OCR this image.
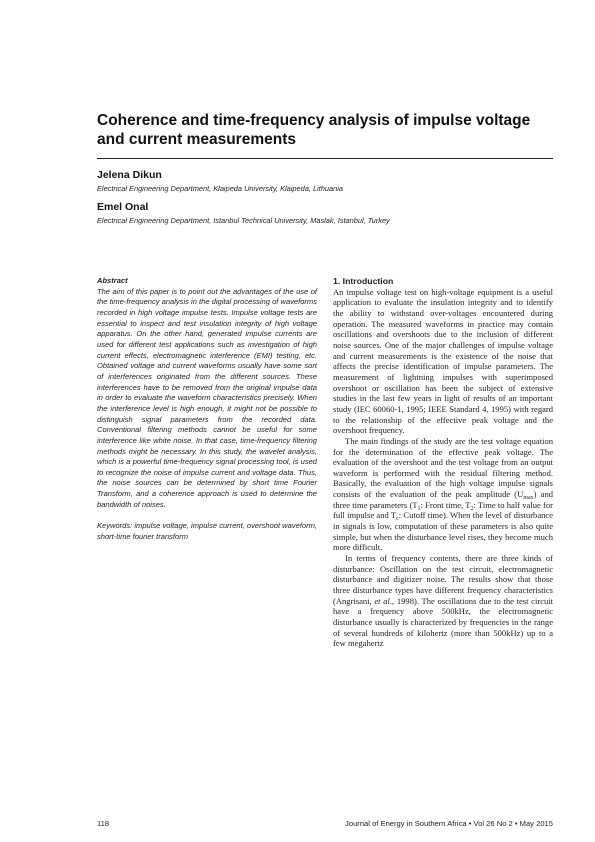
Coherence and time-frequency analysis of impulse voltage and current measurements

Jelena Dikun

Electrical Engineering Department, Klaipeda University, Klaipeda, Lithuania

Emel Onal

Electrical Engineering Department, Istanbul Technical University, Maslak, Istanbul, Turkey

Abstract

The aim of this paper is to point out the advantages of the use of the time-frequency analysis in the digital processing of waveforms recorded in high voltage impulse tests. Impulse voltage tests are essential to inspect and test insulation integrity of high voltage apparatus. On the other hand, generated impulse currents are used for different test applications such as investigation of high current effects, electromagnetic interference (EMI) testing, etc. Obtained voltage and current waveforms usually have some sort of interferences originated from the different sources. These interferences have to be removed from the original impulse data in order to evaluate the waveform characteristics precisely. When the interference level is high enough, it might not be possible to distinguish signal parameters from the recorded data. Conventional filtering methods cannot be useful for some interference like white noise. In that case, time-frequency filtering methods might be necessary. In this study, the wavelet analysis, which is a powerful time-frequency signal processing tool, is used to recognize the noise of impulse current and voltage data. Thus, the noise sources can be determined by short time Fourier Transform, and a coherence approach is used to determine the bandwidth of noises.

Keywords: impulse voltage, impulse current, overshoot waveform, short-time fourier transform

1. Introduction

An impulse voltage test on high-voltage equipment is a useful application to evaluate the insulation integrity and to identify the ability to withstand over-voltages encountered during operation. The measured waveforms in practice may contain oscillations and overshoots due to the inclusion of different noise sources. One of the major challenges of impulse voltage and current measurements is the existence of the noise that affects the precise identification of impulse parameters. The measurement of lightning impulses with superimposed overshoot or oscillation has been the subject of extensive studies in the last few years in light of results of an important study (IEC 60060-1, 1995; IEEE Standard 4, 1995) with regard to the relationship of the effective peak voltage and the overshoot frequency.

The main findings of the study are the test voltage equation for the determination of the effective peak voltage. The evaluation of the overshoot and the test voltage from an output waveform is performed with the residual filtering method. Basically, the evaluation of the high voltage impulse signals consists of the evaluation of the peak amplitude $(U_{max})$ and three time parameters ($T_1$: Front time, $T_2$: Time to half value for full impulse and $T_c$: Cutoff time). When the level of disturbance in signals is low, computation of these parameters is also quite simple, but when the disturbance level rises, they become much more difficult.

In terms of frequency contents, there are three kinds of disturbance: Oscillation on the test circuit, electromagnetic disturbance and digitizer noise. The results show that those three disturbance types have different frequency characteristics (Angrisani, et al., 1998). The oscillations due to the test circuit have a frequency above 500kHz, the electromagnetic disturbance usually is characterized by frequencies in the range of several hundreds of kilohertz (more than 500kHz) up to a few megahertz

118	Journal of Energy in Southern Africa • Vol 26 No 2 • May 2015
